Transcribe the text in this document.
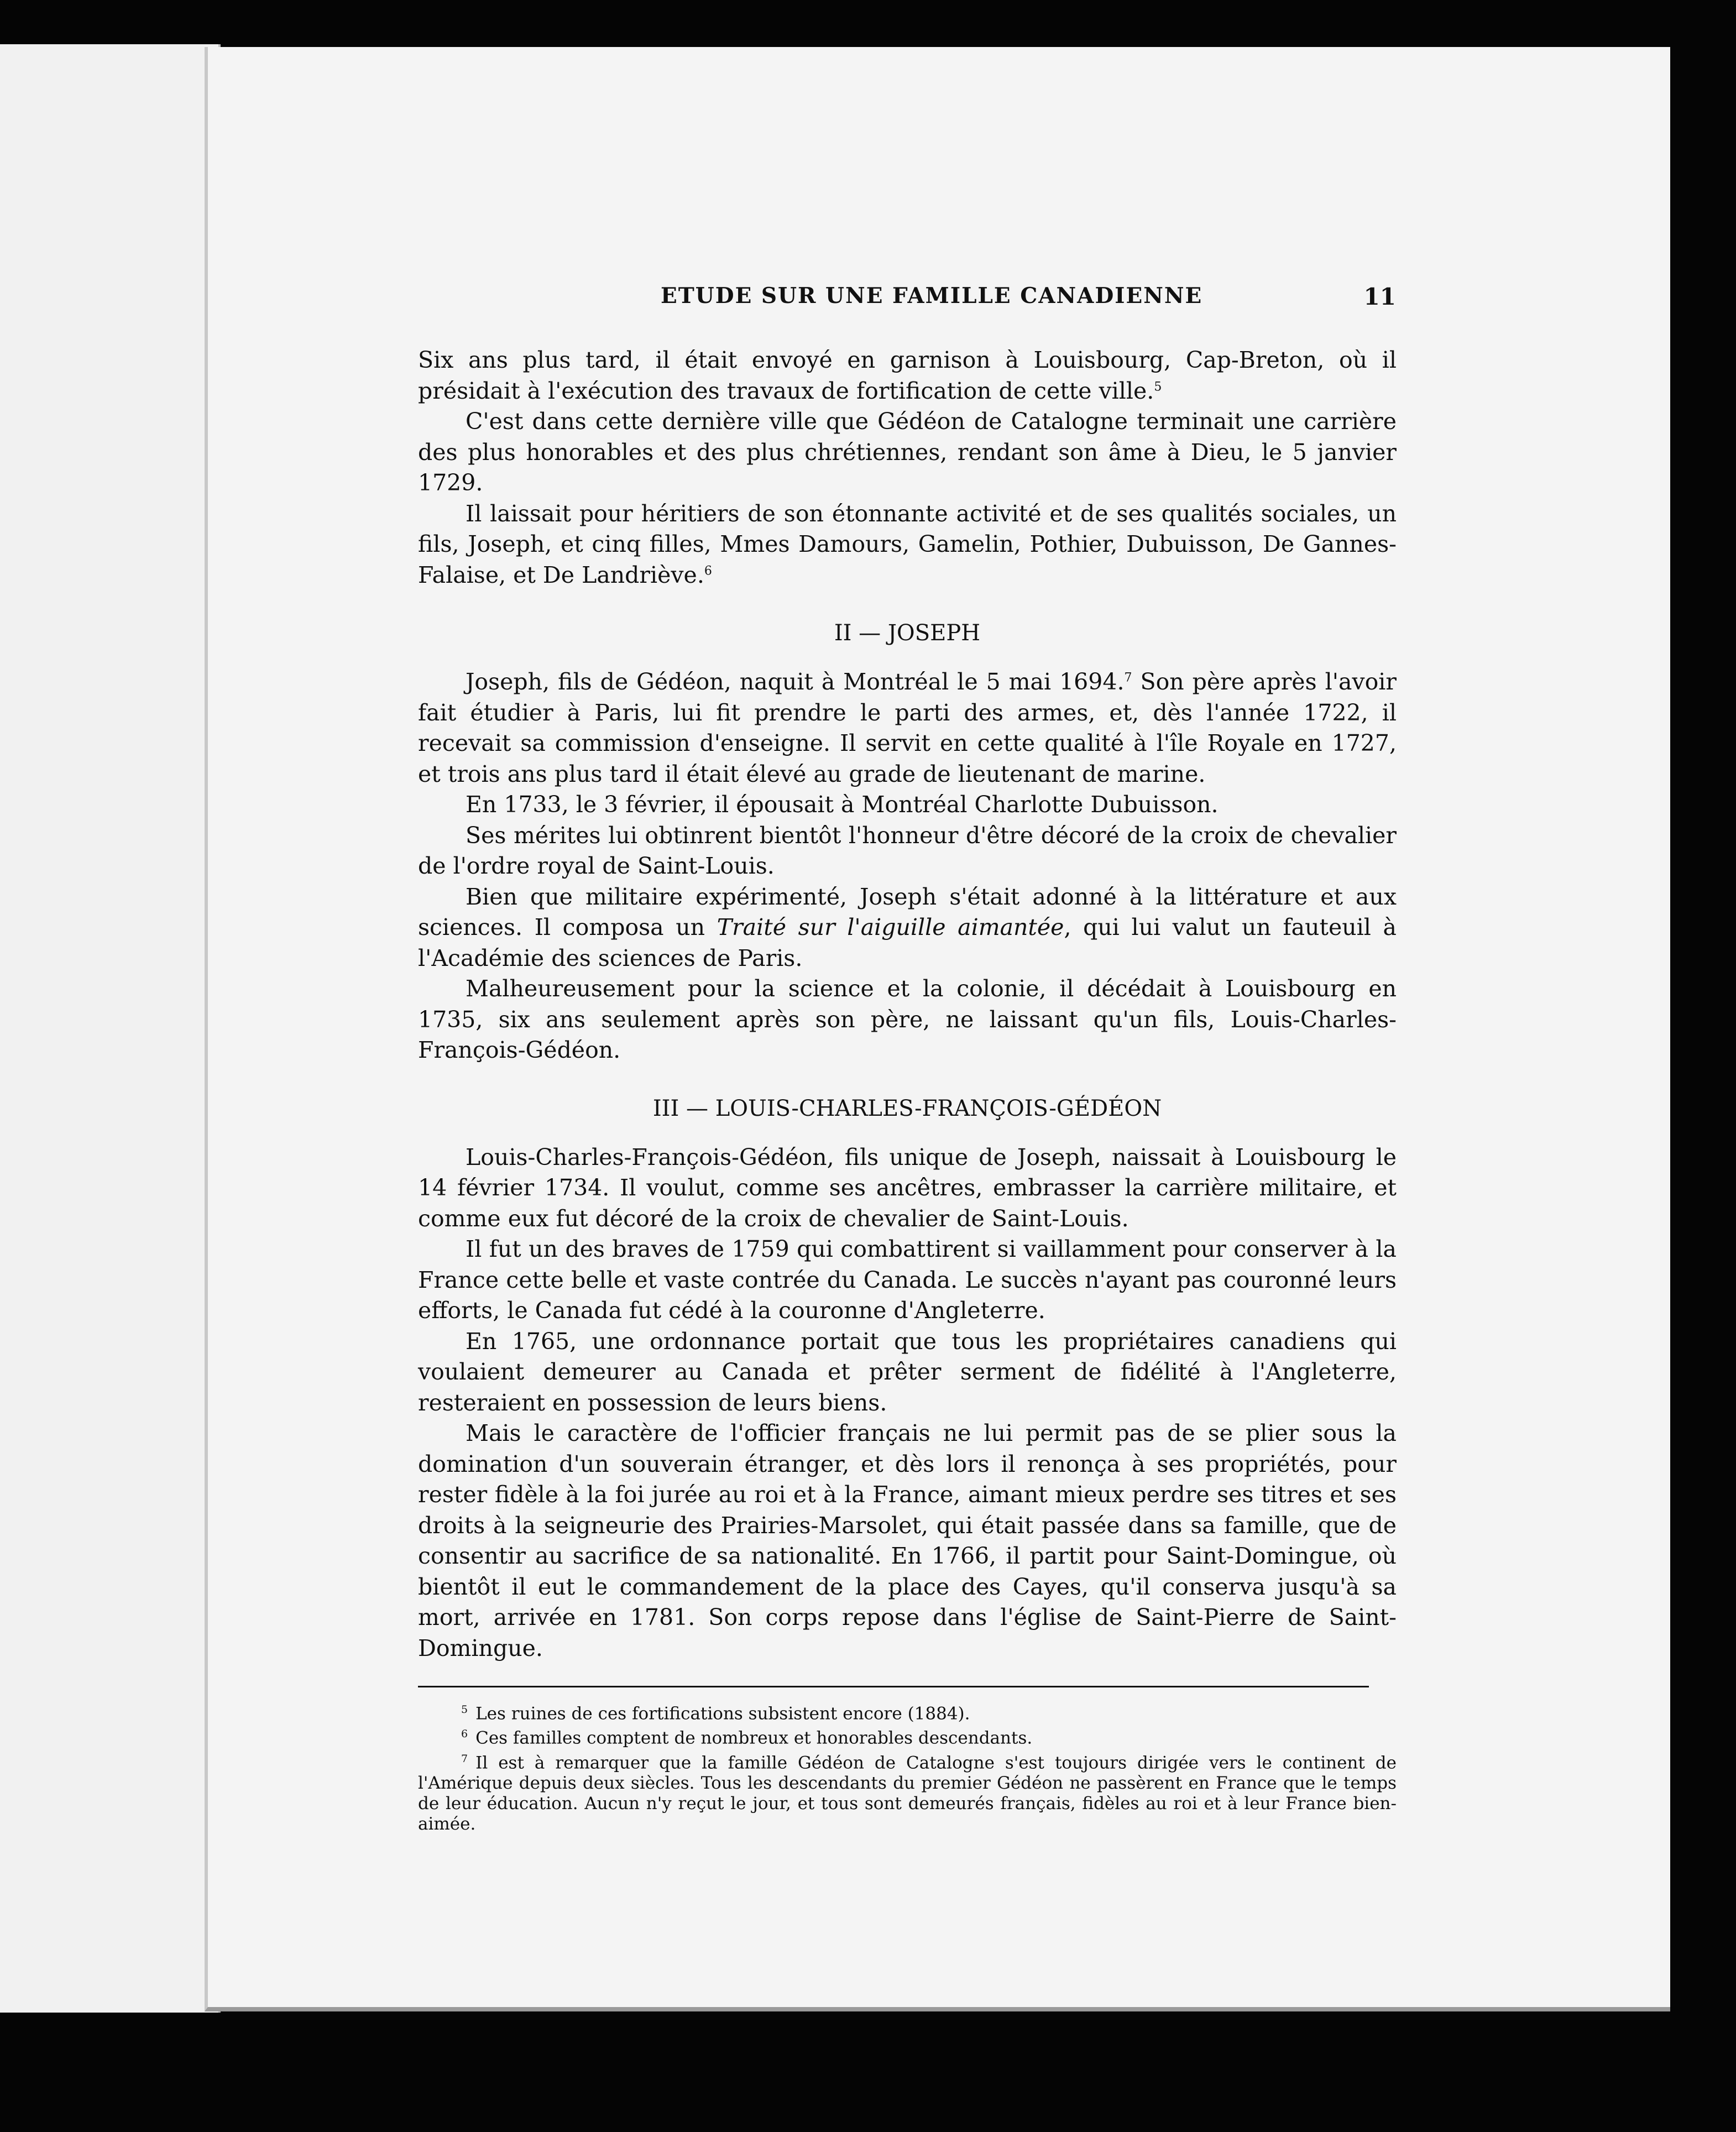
ETUDE SUR UNE FAMILLE CANADIENNE	11

Six ans plus tard, il était envoyé en garnison à Louisbourg, Cap-Breton, où il présidait à l'exécution des travaux de fortification de cette ville.$^5$

C'est dans cette dernière ville que Gédéon de Catalogne terminait une carrière des plus honorables et des plus chrétiennes, rendant son âme à Dieu, le 5 janvier 1729.

Il laissait pour héritiers de son étonnante activité et de ses qualités sociales, un fils, Joseph, et cinq filles, Mmes Damours, Gamelin, Pothier, Dubuisson, De Gannes-Falaise, et De Landriève.$^6$

II — JOSEPH

Joseph, fils de Gédéon, naquit à Montréal le 5 mai 1694.$^7$ Son père après l'avoir fait étudier à Paris, lui fit prendre le parti des armes, et, dès l'année 1722, il recevait sa commission d'enseigne. Il servit en cette qualité à l'île Royale en 1727, et trois ans plus tard il était élevé au grade de lieutenant de marine.

En 1733, le 3 février, il épousait à Montréal Charlotte Dubuisson.

Ses mérites lui obtinrent bientôt l'honneur d'être décoré de la croix de chevalier de l'ordre royal de Saint-Louis.

Bien que militaire expérimenté, Joseph s'était adonné à la littérature et aux sciences. Il composa un Traité sur l'aiguille aimantée, qui lui valut un fauteuil à l'Académie des sciences de Paris.

Malheureusement pour la science et la colonie, il décédait à Louisbourg en 1735, six ans seulement après son père, ne laissant qu'un fils, Louis-Charles-François-Gédéon.

III — LOUIS-CHARLES-FRANÇOIS-GÉDÉON

Louis-Charles-François-Gédéon, fils unique de Joseph, naissait à Louisbourg le 14 février 1734. Il voulut, comme ses ancêtres, embrasser la carrière militaire, et comme eux fut décoré de la croix de chevalier de Saint-Louis.

Il fut un des braves de 1759 qui combattirent si vaillamment pour conserver à la France cette belle et vaste contrée du Canada. Le succès n'ayant pas couronné leurs efforts, le Canada fut cédé à la couronne d'Angleterre.

En 1765, une ordonnance portait que tous les propriétaires canadiens qui voulaient demeurer au Canada et prêter serment de fidélité à l'Angleterre, resteraient en possession de leurs biens.

Mais le caractère de l'officier français ne lui permit pas de se plier sous la domination d'un souverain étranger, et dès lors il renonça à ses propriétés, pour rester fidèle à la foi jurée au roi et à la France, aimant mieux perdre ses titres et ses droits à la seigneurie des Prairies-Marsolet, qui était passée dans sa famille, que de consentir au sacrifice de sa nationalité. En 1766, il partit pour Saint-Domingue, où bientôt il eut le commandement de la place des Cayes, qu'il conserva jusqu'à sa mort, arrivée en 1781. Son corps repose dans l'église de Saint-Pierre de Saint-Domingue.

$^5$ Les ruines de ces fortifications subsistent encore (1884).
$^6$ Ces familles comptent de nombreux et honorables descendants.
$^7$ Il est à remarquer que la famille Gédéon de Catalogne s'est toujours dirigée vers le continent de l'Amérique depuis deux siècles. Tous les descendants du premier Gédéon ne passèrent en France que le temps de leur éducation. Aucun n'y reçut le jour, et tous sont demeurés français, fidèles au roi et à leur France bien-aimée.
